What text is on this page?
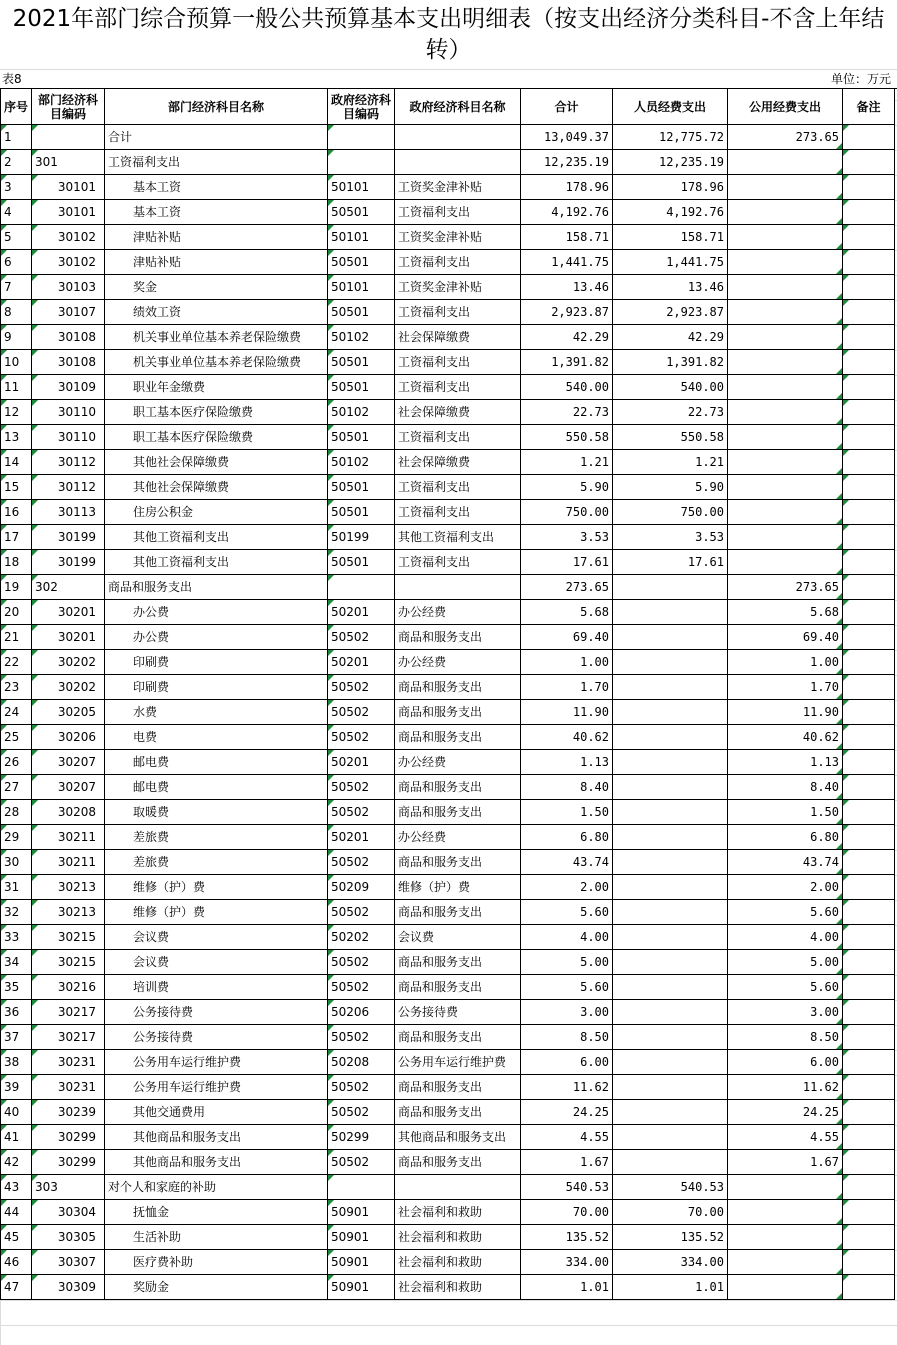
2021年部门综合预算一般公共预算基本支出明细表（按支出经济分类科目-不含上年结转）
表8	单位：万元
序号	部门经济科目编码	部门经济科目名称	政府经济科目编码	政府经济科目名称	合计	人员经费支出	公用经费支出	备注
1		合计			13,049.37	12,775.72	273.65	
2	301	工资福利支出			12,235.19	12,235.19		
3	30101	基本工资	50101	工资奖金津补贴	178.96	178.96		
4	30101	基本工资	50501	工资福利支出	4,192.76	4,192.76		
5	30102	津贴补贴	50101	工资奖金津补贴	158.71	158.71		
6	30102	津贴补贴	50501	工资福利支出	1,441.75	1,441.75		
7	30103	奖金	50101	工资奖金津补贴	13.46	13.46		
8	30107	绩效工资	50501	工资福利支出	2,923.87	2,923.87		
9	30108	机关事业单位基本养老保险缴费	50102	社会保障缴费	42.29	42.29		
10	30108	机关事业单位基本养老保险缴费	50501	工资福利支出	1,391.82	1,391.82		
11	30109	职业年金缴费	50501	工资福利支出	540.00	540.00		
12	30110	职工基本医疗保险缴费	50102	社会保障缴费	22.73	22.73		
13	30110	职工基本医疗保险缴费	50501	工资福利支出	550.58	550.58		
14	30112	其他社会保障缴费	50102	社会保障缴费	1.21	1.21		
15	30112	其他社会保障缴费	50501	工资福利支出	5.90	5.90		
16	30113	住房公积金	50501	工资福利支出	750.00	750.00		
17	30199	其他工资福利支出	50199	其他工资福利支出	3.53	3.53		
18	30199	其他工资福利支出	50501	工资福利支出	17.61	17.61		
19	302	商品和服务支出			273.65		273.65	
20	30201	办公费	50201	办公经费	5.68		5.68	
21	30201	办公费	50502	商品和服务支出	69.40		69.40	
22	30202	印刷费	50201	办公经费	1.00		1.00	
23	30202	印刷费	50502	商品和服务支出	1.70		1.70	
24	30205	水费	50502	商品和服务支出	11.90		11.90	
25	30206	电费	50502	商品和服务支出	40.62		40.62	
26	30207	邮电费	50201	办公经费	1.13		1.13	
27	30207	邮电费	50502	商品和服务支出	8.40		8.40	
28	30208	取暖费	50502	商品和服务支出	1.50		1.50	
29	30211	差旅费	50201	办公经费	6.80		6.80	
30	30211	差旅费	50502	商品和服务支出	43.74		43.74	
31	30213	维修（护）费	50209	维修（护）费	2.00		2.00	
32	30213	维修（护）费	50502	商品和服务支出	5.60		5.60	
33	30215	会议费	50202	会议费	4.00		4.00	
34	30215	会议费	50502	商品和服务支出	5.00		5.00	
35	30216	培训费	50502	商品和服务支出	5.60		5.60	
36	30217	公务接待费	50206	公务接待费	3.00		3.00	
37	30217	公务接待费	50502	商品和服务支出	8.50		8.50	
38	30231	公务用车运行维护费	50208	公务用车运行维护费	6.00		6.00	
39	30231	公务用车运行维护费	50502	商品和服务支出	11.62		11.62	
40	30239	其他交通费用	50502	商品和服务支出	24.25		24.25	
41	30299	其他商品和服务支出	50299	其他商品和服务支出	4.55		4.55	
42	30299	其他商品和服务支出	50502	商品和服务支出	1.67		1.67	
43	303	对个人和家庭的补助			540.53	540.53		
44	30304	抚恤金	50901	社会福利和救助	70.00	70.00		
45	30305	生活补助	50901	社会福利和救助	135.52	135.52		
46	30307	医疗费补助	50901	社会福利和救助	334.00	334.00		
47	30309	奖励金	50901	社会福利和救助	1.01	1.01		
